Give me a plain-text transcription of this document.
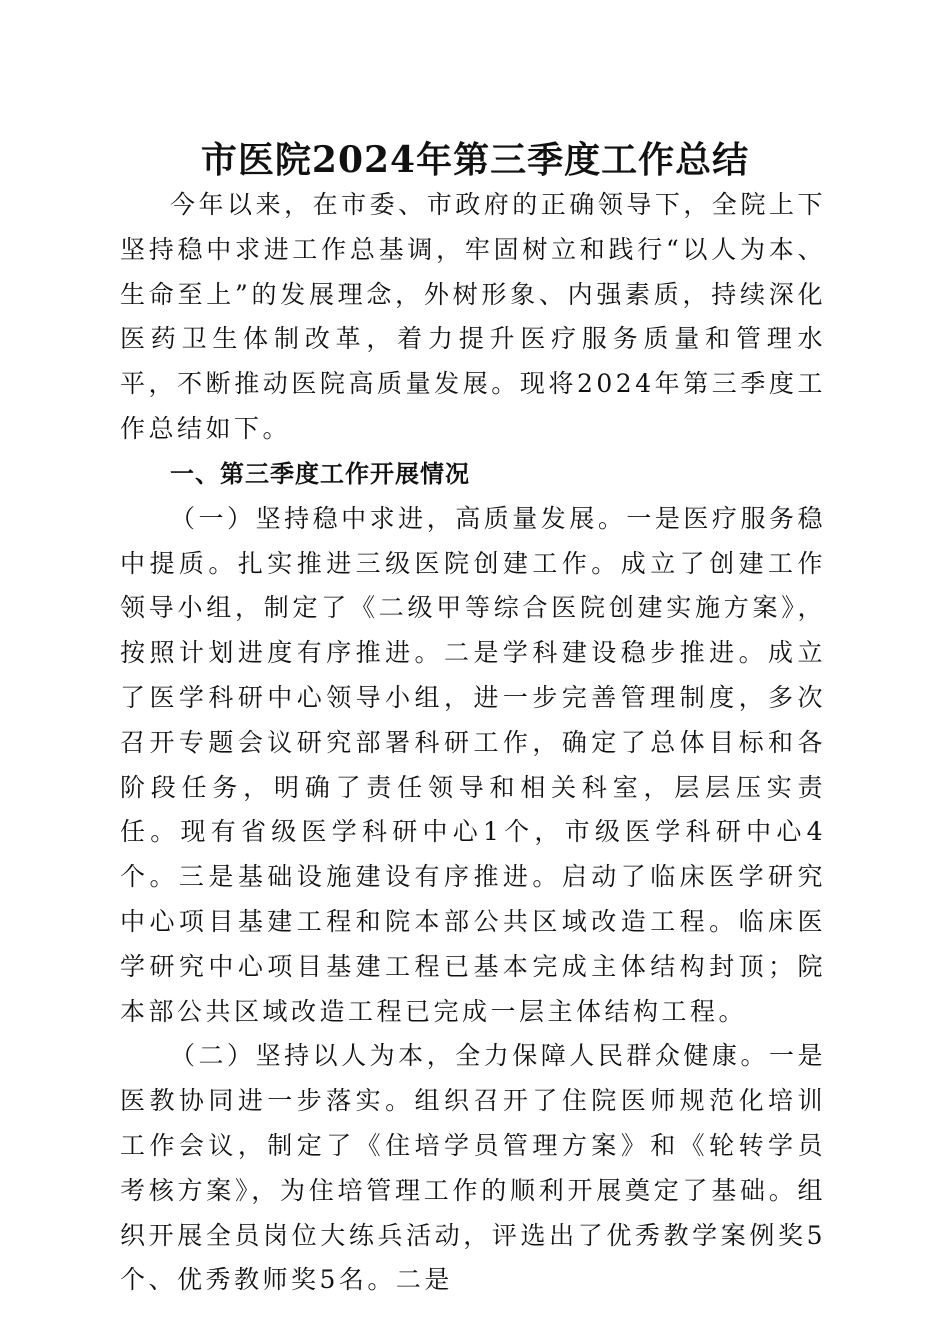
市医院2024年第三季度工作总结

今年以来，在市委、市政府的正确领导下，全院上下坚持稳中求进工作总基调，牢固树立和践行“以人为本、生命至上”的发展理念，外树形象、内强素质，持续深化医药卫生体制改革，着力提升医疗服务质量和管理水平，不断推动医院高质量发展。现将2024年第三季度工作总结如下。

一、第三季度工作开展情况

（一）坚持稳中求进，高质量发展。一是医疗服务稳中提质。扎实推进三级医院创建工作。成立了创建工作领导小组，制定了《二级甲等综合医院创建实施方案》，按照计划进度有序推进。二是学科建设稳步推进。成立了医学科研中心领导小组，进一步完善管理制度，多次召开专题会议研究部署科研工作，确定了总体目标和各阶段任务，明确了责任领导和相关科室，层层压实责任。现有省级医学科研中心1个，市级医学科研中心4个。三是基础设施建设有序推进。启动了临床医学研究中心项目基建工程和院本部公共区域改造工程。临床医学研究中心项目基建工程已基本完成主体结构封顶；院本部公共区域改造工程已完成一层主体结构工程。

（二）坚持以人为本，全力保障人民群众健康。一是医教协同进一步落实。组织召开了住院医师规范化培训工作会议，制定了《住培学员管理方案》和《轮转学员考核方案》，为住培管理工作的顺利开展奠定了基础。组织开展全员岗位大练兵活动，评选出了优秀教学案例奖5个、优秀教师奖5名。二是
